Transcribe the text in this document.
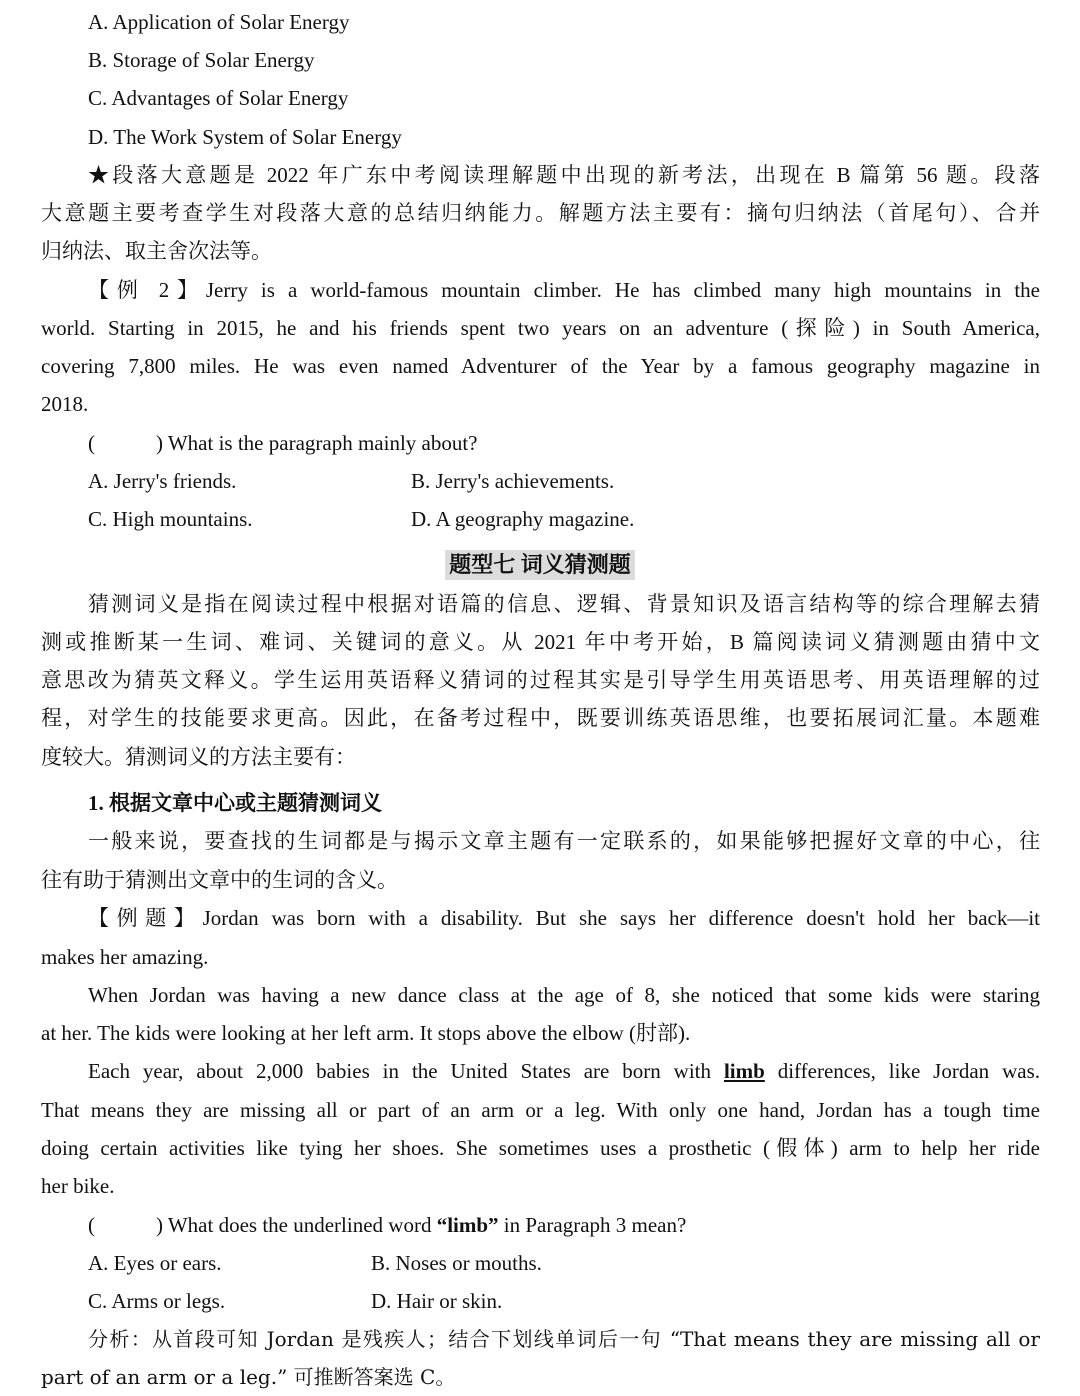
A. Application of Solar Energy
B. Storage of Solar Energy
C. Advantages of Solar Energy
D. The Work System of Solar Energy
★段落大意题是 2022 年广东中考阅读理解题中出现的新考法，出现在 B 篇第 56 题。段落
大意题主要考查学生对段落大意的总结归纳能力。解题方法主要有：摘句归纳法（首尾句）、合并
归纳法、取主舍次法等。
【例 2】Jerry is a world-famous mountain climber. He has climbed many high mountains in the
world. Starting in 2015, he and his friends spent two years on an adventure (探险) in South America,
covering 7,800 miles. He was even named Adventurer of the Year by a famous geography magazine in
2018.
(	) What is the paragraph mainly about?
A. Jerry's friends.	B. Jerry's achievements.
C. High mountains.	D. A geography magazine.
题型七 词义猜测题
猜测词义是指在阅读过程中根据对语篇的信息、逻辑、背景知识及语言结构等的综合理解去猜
测或推断某一生词、难词、关键词的意义。从 2021 年中考开始，B 篇阅读词义猜测题由猜中文
意思改为猜英文释义。学生运用英语释义猜词的过程其实是引导学生用英语思考、用英语理解的过
程，对学生的技能要求更高。因此，在备考过程中，既要训练英语思维，也要拓展词汇量。本题难
度较大。猜测词义的方法主要有：
1. 根据文章中心或主题猜测词义
一般来说，要查找的生词都是与揭示文章主题有一定联系的，如果能够把握好文章的中心，往
往有助于猜测出文章中的生词的含义。
【例题】Jordan was born with a disability. But she says her difference doesn't hold her back—it
makes her amazing.
When Jordan was having a new dance class at the age of 8, she noticed that some kids were staring
at her. The kids were looking at her left arm. It stops above the elbow (肘部).
Each year, about 2,000 babies in the United States are born with limb differences, like Jordan was.
That means they are missing all or part of an arm or a leg. With only one hand, Jordan has a tough time
doing certain activities like tying her shoes. She sometimes uses a prosthetic (假体) arm to help her ride
her bike.
(	) What does the underlined word “limb” in Paragraph 3 mean?
A. Eyes or ears.	B. Noses or mouths.
C. Arms or legs.	D. Hair or skin.
分析：从首段可知 Jordan 是残疾人；结合下划线单词后一句 “That means they are missing all or
part of an arm or a leg.” 可推断答案选 C。
